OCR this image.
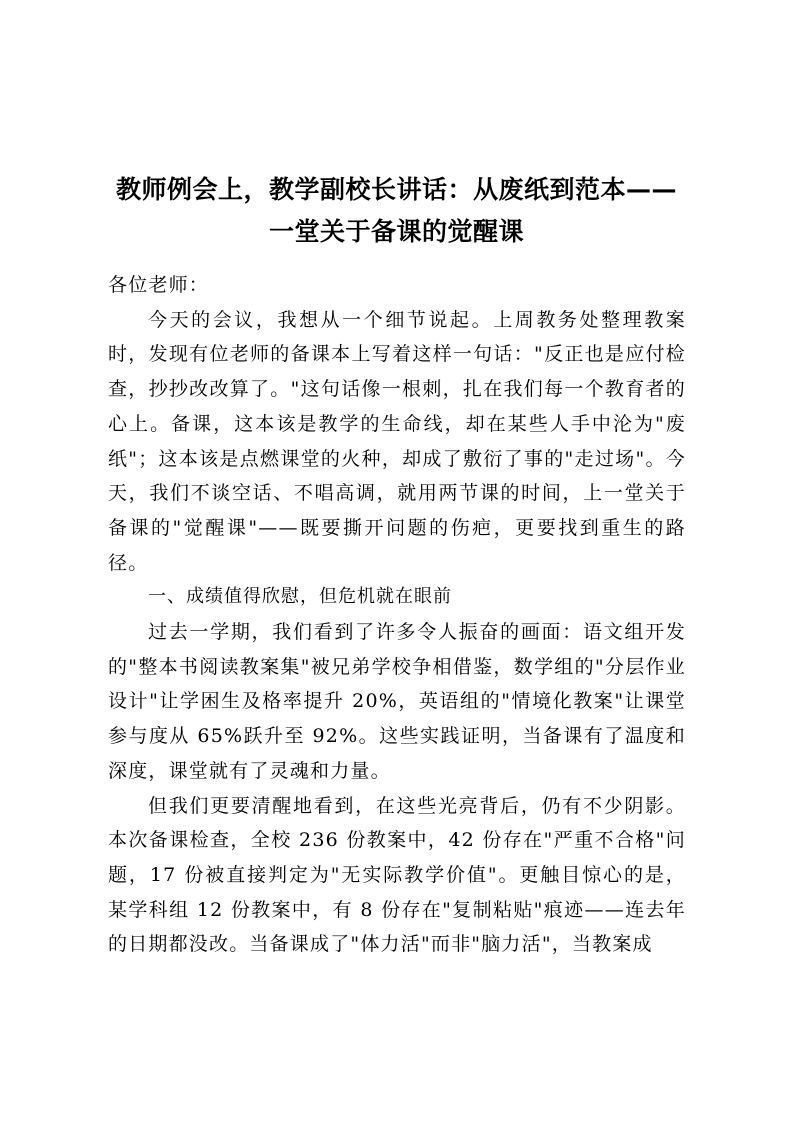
教师例会上，教学副校长讲话：从废纸到范本——
一堂关于备课的觉醒课

各位老师：

今天的会议，我想从一个细节说起。上周教务处整理教案时，发现有位老师的备课本上写着这样一句话："反正也是应付检查，抄抄改改算了。"这句话像一根刺，扎在我们每一个教育者的心上。备课，这本该是教学的生命线，却在某些人手中沦为"废纸"；这本该是点燃课堂的火种，却成了敷衍了事的"走过场"。今天，我们不谈空话、不唱高调，就用两节课的时间，上一堂关于备课的"觉醒课"——既要撕开问题的伤疤，更要找到重生的路径。

一、成绩值得欣慰，但危机就在眼前

过去一学期，我们看到了许多令人振奋的画面：语文组开发的"整本书阅读教案集"被兄弟学校争相借鉴，数学组的"分层作业设计"让学困生及格率提升 20%，英语组的"情境化教案"让课堂参与度从 65%跃升至 92%。这些实践证明，当备课有了温度和深度，课堂就有了灵魂和力量。

但我们更要清醒地看到，在这些光亮背后，仍有不少阴影。本次备课检查，全校 236 份教案中，42 份存在"严重不合格"问题，17 份被直接判定为"无实际教学价值"。更触目惊心的是，某学科组 12 份教案中，有 8 份存在"复制粘贴"痕迹——连去年的日期都没改。当备课成了"体力活"而非"脑力活"，当教案成
